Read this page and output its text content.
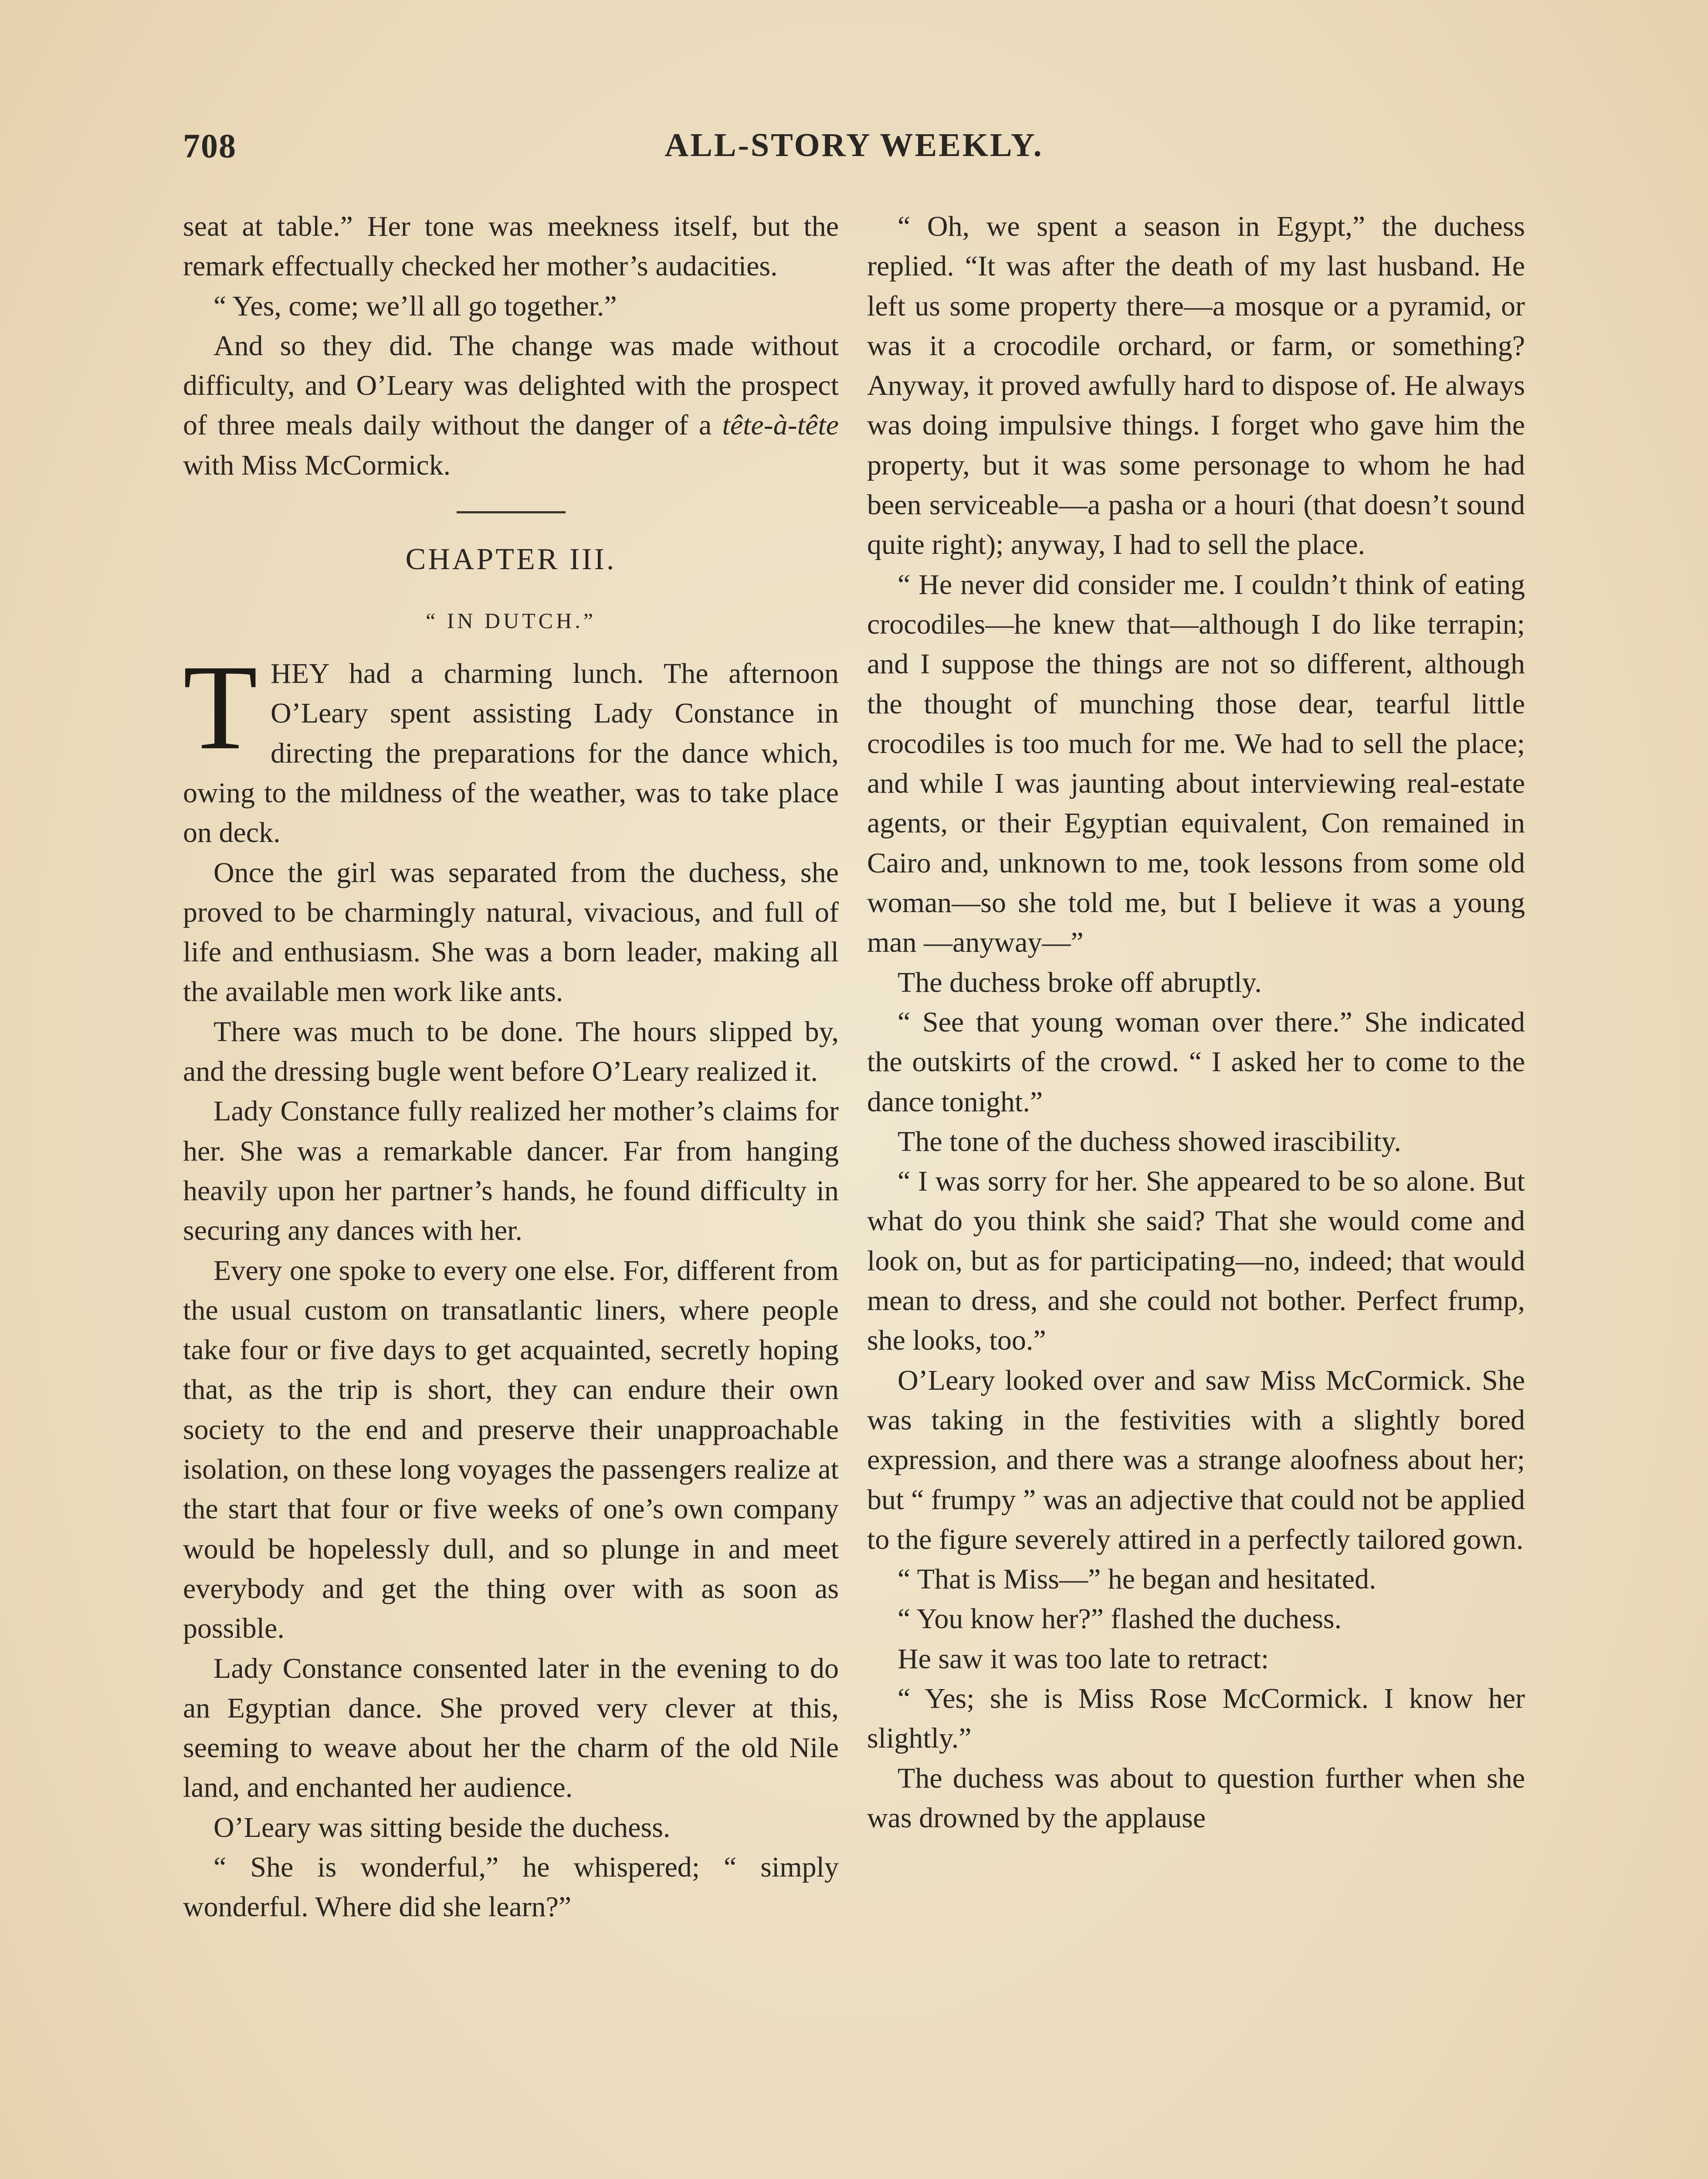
708	ALL-STORY WEEKLY.

seat at table.” Her tone was meekness itself, but the remark effectually checked her mother’s audacities.

“ Yes, come; we’ll all go together.”

And so they did. The change was made without difficulty, and O’Leary was delighted with the prospect of three meals daily without the danger of a tête-à-tête with Miss McCormick.

CHAPTER III.
“ IN DUTCH.”

THEY had a charming lunch. The afternoon O’Leary spent assisting Lady Constance in directing the preparations for the dance which, owing to the mildness of the weather, was to take place on deck.

Once the girl was separated from the duchess, she proved to be charmingly natural, vivacious, and full of life and enthusiasm. She was a born leader, making all the available men work like ants.

There was much to be done. The hours slipped by, and the dressing bugle went before O’Leary realized it.

Lady Constance fully realized her mother’s claims for her. She was a remarkable dancer. Far from hanging heavily upon her partner’s hands, he found difficulty in securing any dances with her.

Every one spoke to every one else. For, different from the usual custom on transatlantic liners, where people take four or five days to get acquainted, secretly hoping that, as the trip is short, they can endure their own society to the end and preserve their unapproachable isolation, on these long voyages the passengers realize at the start that four or five weeks of one’s own company would be hopelessly dull, and so plunge in and meet everybody and get the thing over with as soon as possible.

Lady Constance consented later in the evening to do an Egyptian dance. She proved very clever at this, seeming to weave about her the charm of the old Nile land, and enchanted her audience.

O’Leary was sitting beside the duchess.

“ She is wonderful,” he whispered; “ simply wonderful. Where did she learn?”

“ Oh, we spent a season in Egypt,” the duchess replied. “It was after the death of my last husband. He left us some property there—a mosque or a pyramid, or was it a crocodile orchard, or farm, or something? Anyway, it proved awfully hard to dispose of. He always was doing impulsive things. I forget who gave him the property, but it was some personage to whom he had been serviceable—a pasha or a houri (that doesn’t sound quite right); anyway, I had to sell the place.

“ He never did consider me. I couldn’t think of eating crocodiles—he knew that—although I do like terrapin; and I suppose the things are not so different, although the thought of munching those dear, tearful little crocodiles is too much for me. We had to sell the place; and while I was jaunting about interviewing real-estate agents, or their Egyptian equivalent, Con remained in Cairo and, unknown to me, took lessons from some old woman—so she told me, but I believe it was a young man —anyway—”

The duchess broke off abruptly.

“ See that young woman over there.” She indicated the outskirts of the crowd. “ I asked her to come to the dance tonight.”

The tone of the duchess showed irascibility.

“ I was sorry for her. She appeared to be so alone. But what do you think she said? That she would come and look on, but as for participating—no, indeed; that would mean to dress, and she could not bother. Perfect frump, she looks, too.”

O’Leary looked over and saw Miss McCormick. She was taking in the festivities with a slightly bored expression, and there was a strange aloofness about her; but “ frumpy ” was an adjective that could not be applied to the figure severely attired in a perfectly tailored gown.

“ That is Miss—” he began and hesitated.

“ You know her?” flashed the duchess.

He saw it was too late to retract:

“ Yes; she is Miss Rose McCormick. I know her slightly.”

The duchess was about to question further when she was drowned by the applause
